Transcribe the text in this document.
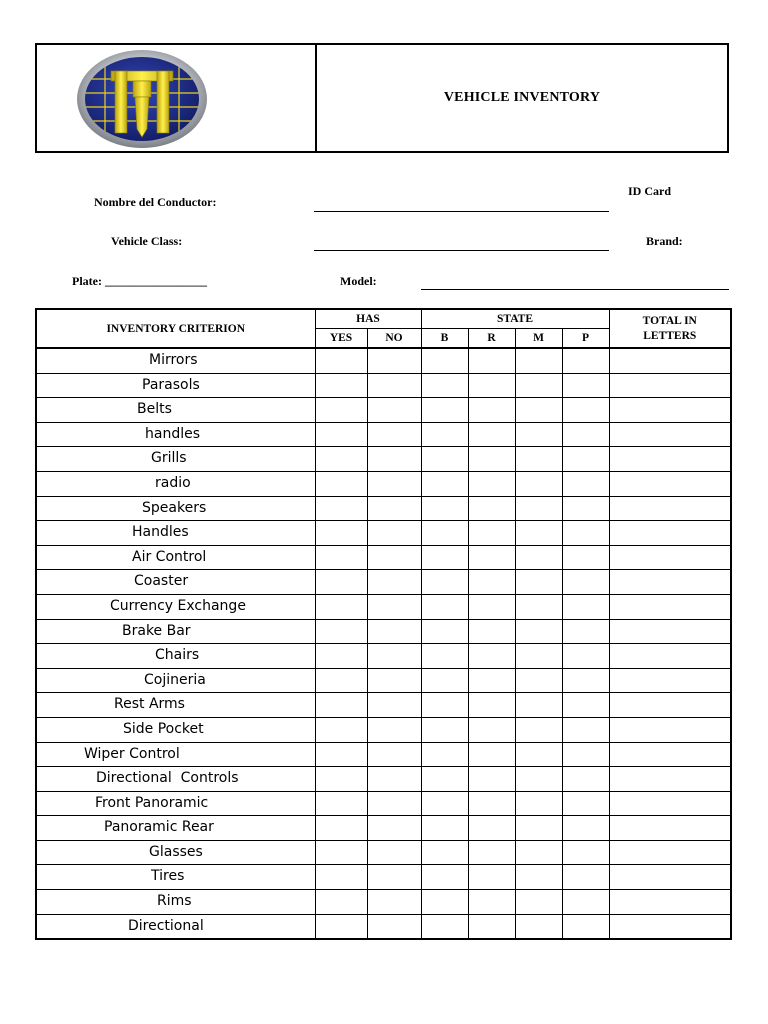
VEHICLE INVENTORY
Nombre del Conductor:
ID Card
Vehicle Class:	Brand:
Plate: _________________	Model:
INVENTORY CRITERION	HAS		STATE				TOTAL IN LETTERS
	YES	NO	B	R	M	P	

Mirrors							

Parasols							

Belts							

handles							

Grills							

radio							

Speakers							

Handles							

Air Control							

Coaster							

Currency Exchange							

Brake Bar							

Chairs							

Cojineria							

Rest Arms							

Side Pocket							

Wiper Control							

Directional  Controls							

Front Panoramic							

Panoramic Rear							

Glasses							

Tires							

Rims							

Directional							
